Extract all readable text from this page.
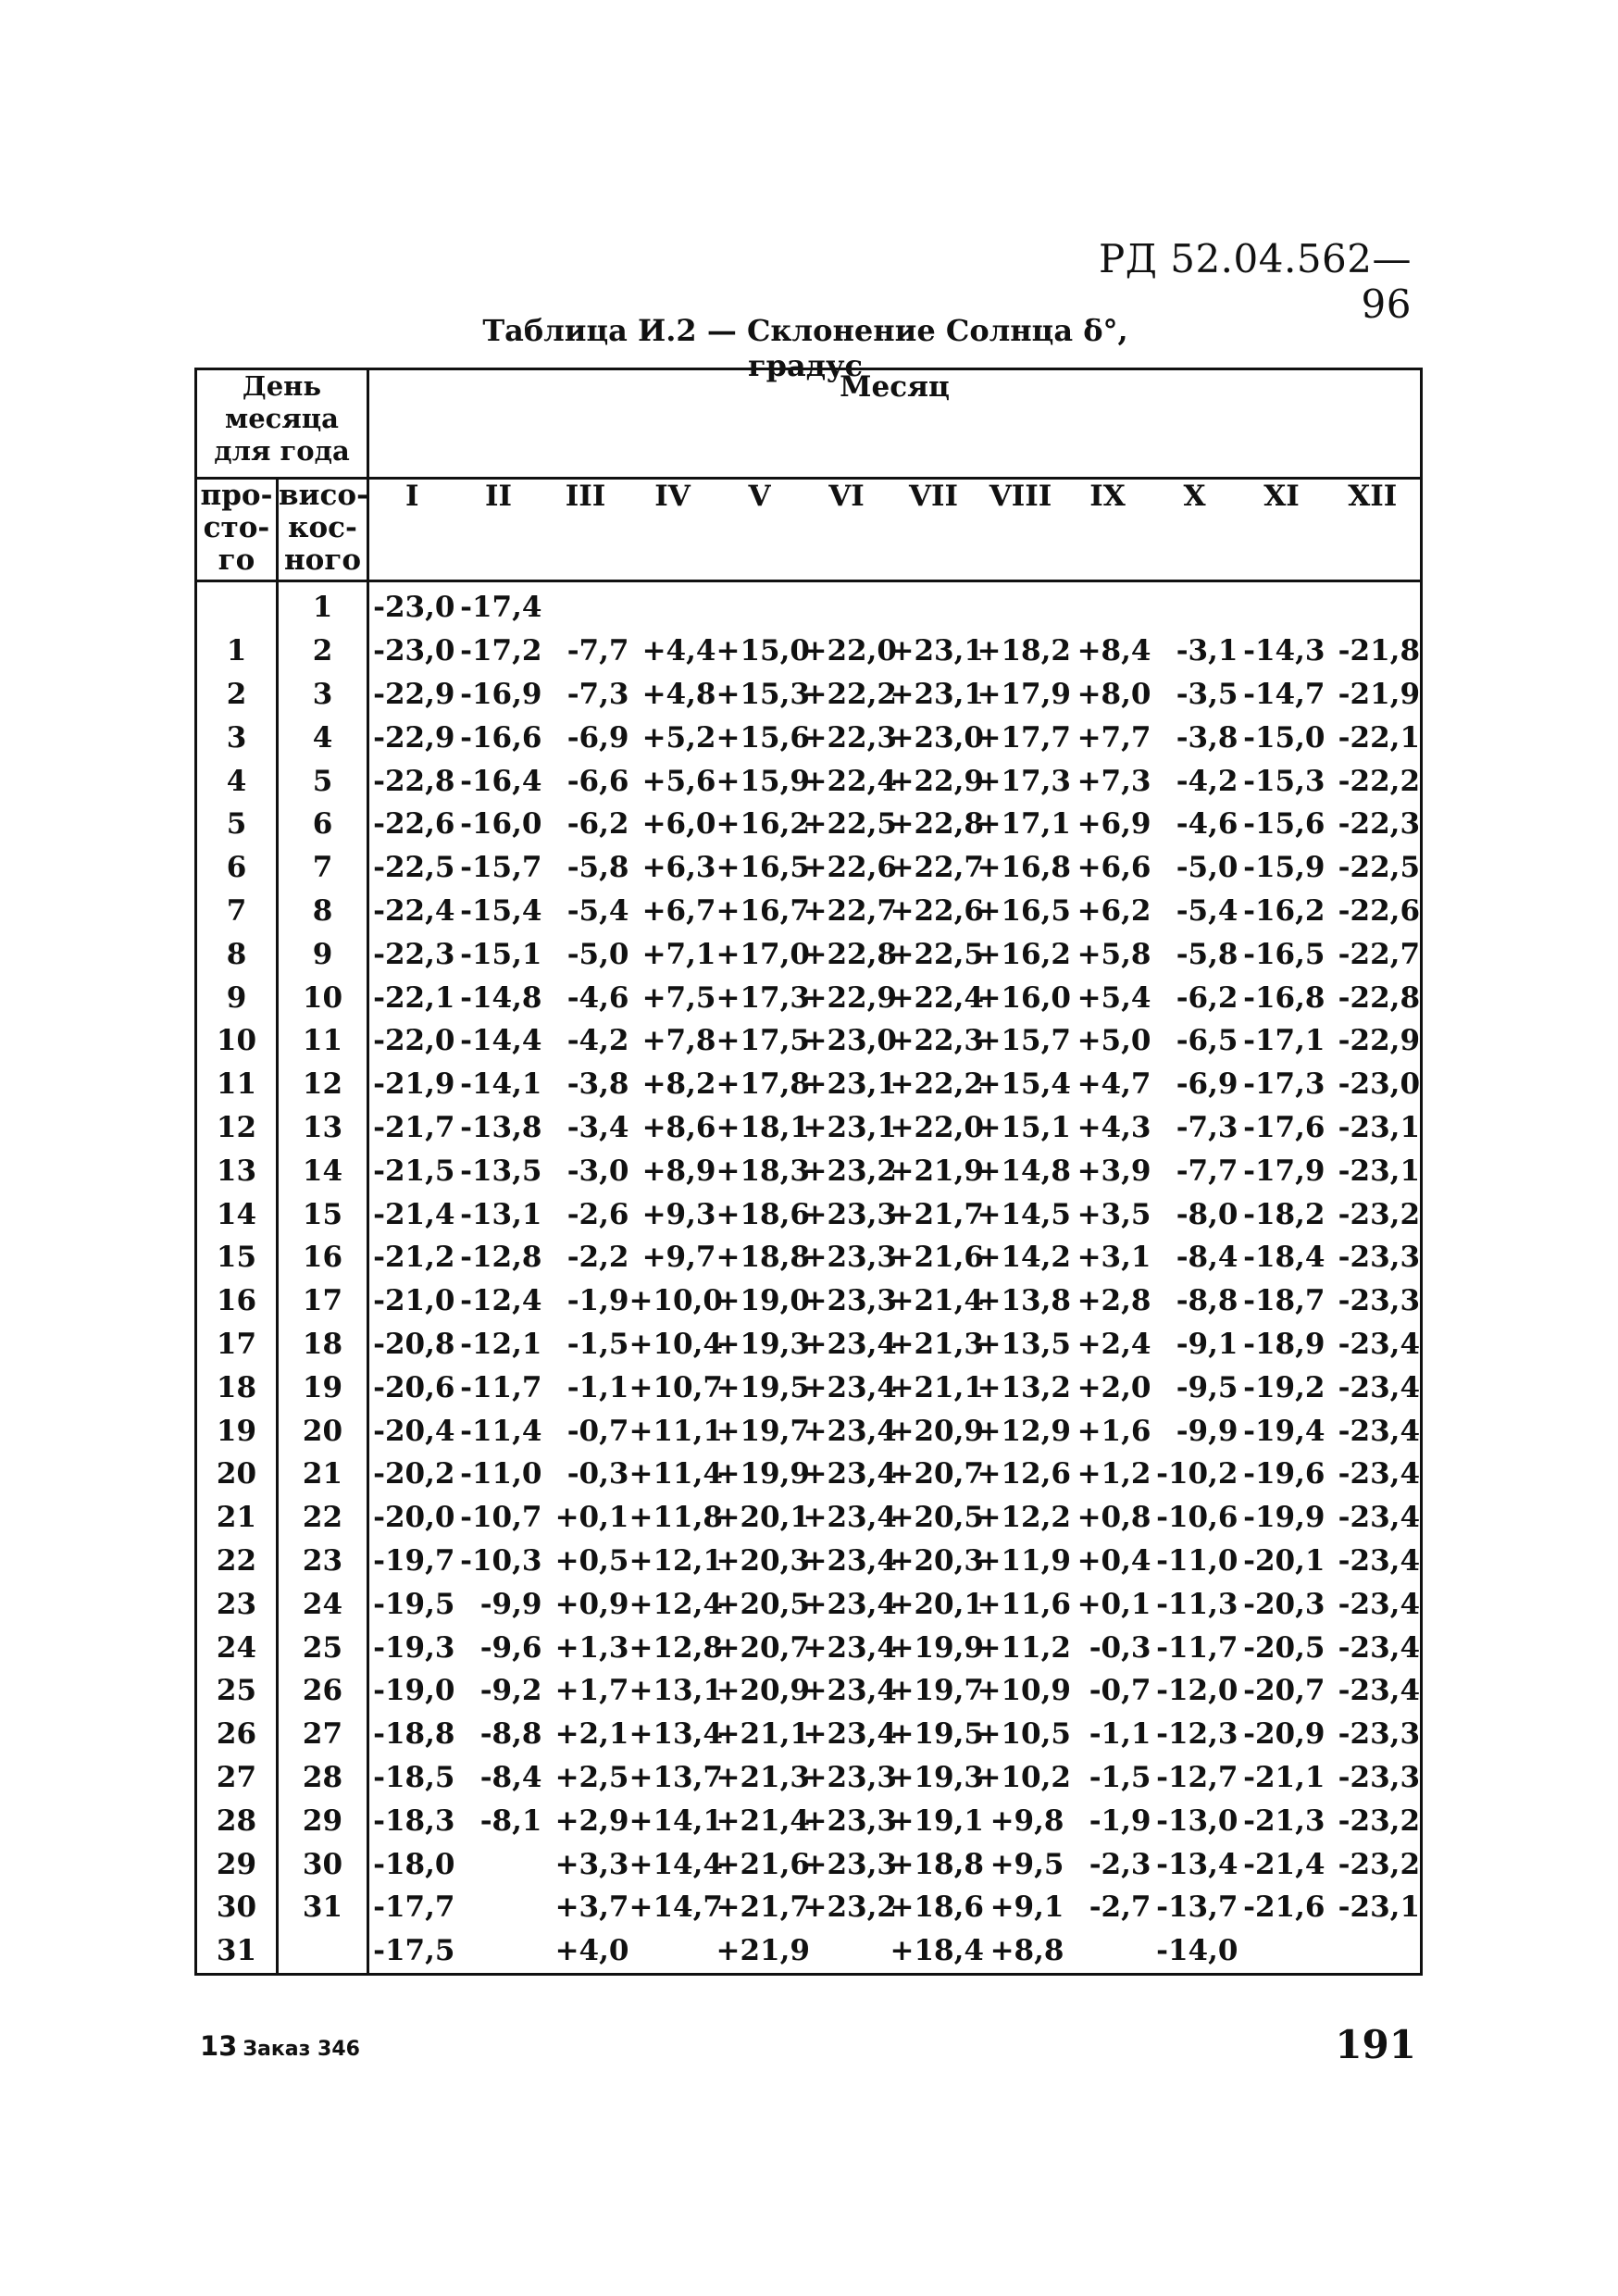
РД 52.04.562—96
Таблица И.2 — Склонение Солнца δ°, градус
День месяца для года		Месяц											
про-сто-го	висо-кос-ного	I	II	III	IV	V	VI	VII	VIII	IX	X	XI	XII
	1	-23,0	-17,4										
1	2	-23,0	-17,2	-7,7	+4,4	+15,0	+22,0	+23,1	+18,2	+8,4	-3,1	-14,3	-21,8
2	3	-22,9	-16,9	-7,3	+4,8	+15,3	+22,2	+23,1	+17,9	+8,0	-3,5	-14,7	-21,9
3	4	-22,9	-16,6	-6,9	+5,2	+15,6	+22,3	+23,0	+17,7	+7,7	-3,8	-15,0	-22,1
4	5	-22,8	-16,4	-6,6	+5,6	+15,9	+22,4	+22,9	+17,3	+7,3	-4,2	-15,3	-22,2
5	6	-22,6	-16,0	-6,2	+6,0	+16,2	+22,5	+22,8	+17,1	+6,9	-4,6	-15,6	-22,3
6	7	-22,5	-15,7	-5,8	+6,3	+16,5	+22,6	+22,7	+16,8	+6,6	-5,0	-15,9	-22,5
7	8	-22,4	-15,4	-5,4	+6,7	+16,7	+22,7	+22,6	+16,5	+6,2	-5,4	-16,2	-22,6
8	9	-22,3	-15,1	-5,0	+7,1	+17,0	+22,8	+22,5	+16,2	+5,8	-5,8	-16,5	-22,7
9	10	-22,1	-14,8	-4,6	+7,5	+17,3	+22,9	+22,4	+16,0	+5,4	-6,2	-16,8	-22,8
10	11	-22,0	-14,4	-4,2	+7,8	+17,5	+23,0	+22,3	+15,7	+5,0	-6,5	-17,1	-22,9
11	12	-21,9	-14,1	-3,8	+8,2	+17,8	+23,1	+22,2	+15,4	+4,7	-6,9	-17,3	-23,0
12	13	-21,7	-13,8	-3,4	+8,6	+18,1	+23,1	+22,0	+15,1	+4,3	-7,3	-17,6	-23,1
13	14	-21,5	-13,5	-3,0	+8,9	+18,3	+23,2	+21,9	+14,8	+3,9	-7,7	-17,9	-23,1
14	15	-21,4	-13,1	-2,6	+9,3	+18,6	+23,3	+21,7	+14,5	+3,5	-8,0	-18,2	-23,2
15	16	-21,2	-12,8	-2,2	+9,7	+18,8	+23,3	+21,6	+14,2	+3,1	-8,4	-18,4	-23,3
16	17	-21,0	-12,4	-1,9	+10,0	+19,0	+23,3	+21,4	+13,8	+2,8	-8,8	-18,7	-23,3
17	18	-20,8	-12,1	-1,5	+10,4	+19,3	+23,4	+21,3	+13,5	+2,4	-9,1	-18,9	-23,4
18	19	-20,6	-11,7	-1,1	+10,7	+19,5	+23,4	+21,1	+13,2	+2,0	-9,5	-19,2	-23,4
19	20	-20,4	-11,4	-0,7	+11,1	+19,7	+23,4	+20,9	+12,9	+1,6	-9,9	-19,4	-23,4
20	21	-20,2	-11,0	-0,3	+11,4	+19,9	+23,4	+20,7	+12,6	+1,2	-10,2	-19,6	-23,4
21	22	-20,0	-10,7	+0,1	+11,8	+20,1	+23,4	+20,5	+12,2	+0,8	-10,6	-19,9	-23,4
22	23	-19,7	-10,3	+0,5	+12,1	+20,3	+23,4	+20,3	+11,9	+0,4	-11,0	-20,1	-23,4
23	24	-19,5	-9,9	+0,9	+12,4	+20,5	+23,4	+20,1	+11,6	+0,1	-11,3	-20,3	-23,4
24	25	-19,3	-9,6	+1,3	+12,8	+20,7	+23,4	+19,9	+11,2	-0,3	-11,7	-20,5	-23,4
25	26	-19,0	-9,2	+1,7	+13,1	+20,9	+23,4	+19,7	+10,9	-0,7	-12,0	-20,7	-23,4
26	27	-18,8	-8,8	+2,1	+13,4	+21,1	+23,4	+19,5	+10,5	-1,1	-12,3	-20,9	-23,3
27	28	-18,5	-8,4	+2,5	+13,7	+21,3	+23,3	+19,3	+10,2	-1,5	-12,7	-21,1	-23,3
28	29	-18,3	-8,1	+2,9	+14,1	+21,4	+23,3	+19,1	+9,8	-1,9	-13,0	-21,3	-23,2
29	30	-18,0		+3,3	+14,4	+21,6	+23,3	+18,8	+9,5	-2,3	-13,4	-21,4	-23,2
30	31	-17,7		+3,7	+14,7	+21,7	+23,2	+18,6	+9,1	-2,7	-13,7	-21,6	-23,1
31		-17,5		+4,0		+21,9		+18,4	+8,8		-14,0		
13 Заказ 346	191
